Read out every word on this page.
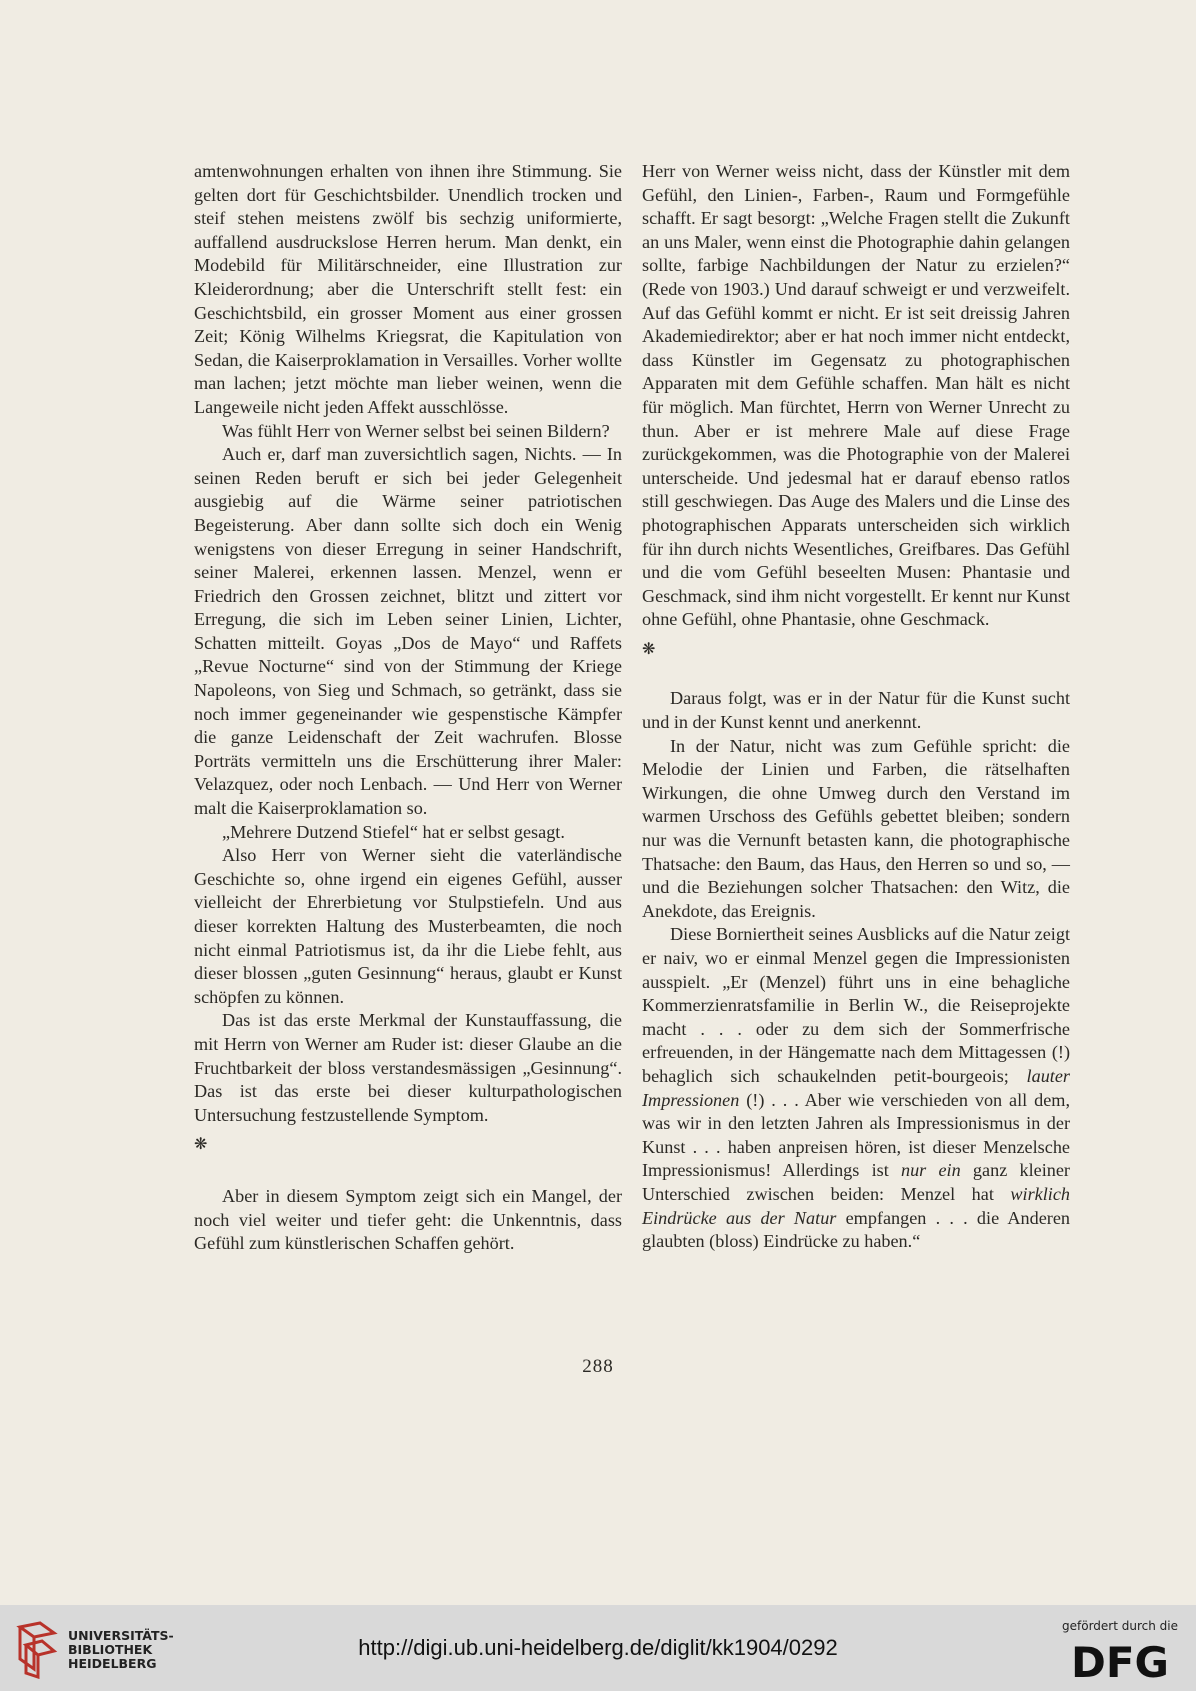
amtenwohnungen erhalten von ihnen ihre Stimmung. Sie gelten dort für Geschichtsbilder. Unendlich trocken und steif stehen meistens zwölf bis sechzig uniformierte, auffallend ausdruckslose Herren herum. Man denkt, ein Modebild für Militärschneider, eine Illustration zur Kleiderordnung; aber die Unterschrift stellt fest: ein Geschichtsbild, ein grosser Moment aus einer grossen Zeit; König Wilhelms Kriegsrat, die Kapitulation von Sedan, die Kaiserproklamation in Versailles. Vorher wollte man lachen; jetzt möchte man lieber weinen, wenn die Langeweile nicht jeden Affekt ausschlösse.

Was fühlt Herr von Werner selbst bei seinen Bildern?

Auch er, darf man zuversichtlich sagen, Nichts. — In seinen Reden beruft er sich bei jeder Gelegenheit ausgiebig auf die Wärme seiner patriotischen Begeisterung. Aber dann sollte sich doch ein Wenig wenigstens von dieser Erregung in seiner Handschrift, seiner Malerei, erkennen lassen. Menzel, wenn er Friedrich den Grossen zeichnet, blitzt und zittert vor Erregung, die sich im Leben seiner Linien, Lichter, Schatten mitteilt. Goyas „Dos de Mayo“ und Raffets „Revue Nocturne“ sind von der Stimmung der Kriege Napoleons, von Sieg und Schmach, so getränkt, dass sie noch immer gegeneinander wie gespenstische Kämpfer die ganze Leidenschaft der Zeit wachrufen. Blosse Porträts vermitteln uns die Erschütterung ihrer Maler: Velazquez, oder noch Lenbach. — Und Herr von Werner malt die Kaiserproklamation so.

„Mehrere Dutzend Stiefel“ hat er selbst gesagt.

Also Herr von Werner sieht die vaterländische Geschichte so, ohne irgend ein eigenes Gefühl, ausser vielleicht der Ehrerbietung vor Stulpstiefeln. Und aus dieser korrekten Haltung des Musterbeamten, die noch nicht einmal Patriotismus ist, da ihr die Liebe fehlt, aus dieser blossen „guten Gesinnung“ heraus, glaubt er Kunst schöpfen zu können.

Das ist das erste Merkmal der Kunstauffassung, die mit Herrn von Werner am Ruder ist: dieser Glaube an die Fruchtbarkeit der bloss verstandesmässigen „Gesinnung“. Das ist das erste bei dieser kulturpathologischen Untersuchung festzustellende Symptom.

❋

Aber in diesem Symptom zeigt sich ein Mangel, der noch viel weiter und tiefer geht: die Unkenntnis, dass Gefühl zum künstlerischen Schaffen gehört.

Herr von Werner weiss nicht, dass der Künstler mit dem Gefühl, den Linien-, Farben-, Raum und Formgefühle schafft. Er sagt besorgt: „Welche Fragen stellt die Zukunft an uns Maler, wenn einst die Photographie dahin gelangen sollte, farbige Nachbildungen der Natur zu erzielen?“ (Rede von 1903.) Und darauf schweigt er und verzweifelt. Auf das Gefühl kommt er nicht. Er ist seit dreissig Jahren Akademiedirektor; aber er hat noch immer nicht entdeckt, dass Künstler im Gegensatz zu photographischen Apparaten mit dem Gefühle schaffen. Man hält es nicht für möglich. Man fürchtet, Herrn von Werner Unrecht zu thun. Aber er ist mehrere Male auf diese Frage zurückgekommen, was die Photographie von der Malerei unterscheide. Und jedesmal hat er darauf ebenso ratlos still geschwiegen. Das Auge des Malers und die Linse des photographischen Apparats unterscheiden sich wirklich für ihn durch nichts Wesentliches, Greifbares. Das Gefühl und die vom Gefühl beseelten Musen: Phantasie und Geschmack, sind ihm nicht vorgestellt. Er kennt nur Kunst ohne Gefühl, ohne Phantasie, ohne Geschmack.

❋

Daraus folgt, was er in der Natur für die Kunst sucht und in der Kunst kennt und anerkennt.

In der Natur, nicht was zum Gefühle spricht: die Melodie der Linien und Farben, die rätselhaften Wirkungen, die ohne Umweg durch den Verstand im warmen Urschoss des Gefühls gebettet bleiben; sondern nur was die Vernunft betasten kann, die photographische Thatsache: den Baum, das Haus, den Herren so und so, — und die Beziehungen solcher Thatsachen: den Witz, die Anekdote, das Ereignis.

Diese Borniertheit seines Ausblicks auf die Natur zeigt er naiv, wo er einmal Menzel gegen die Impressionisten ausspielt. „Er (Menzel) führt uns in eine behagliche Kommerzienratsfamilie in Berlin W., die Reiseprojekte macht . . . oder zu dem sich der Sommerfrische erfreuenden, in der Hängematte nach dem Mittagessen (!) behaglich sich schaukelnden petit-bourgeois; lauter Impressionen (!) . . . Aber wie verschieden von all dem, was wir in den letzten Jahren als Impressionismus in der Kunst . . . haben anpreisen hören, ist dieser Menzelsche Impressionismus! Allerdings ist nur ein ganz kleiner Unterschied zwischen beiden: Menzel hat wirklich Eindrücke aus der Natur empfangen . . . die Anderen glaubten (bloss) Eindrücke zu haben.“

288
UNIVERSITÄTS-
BIBLIOTHEK
HEIDELBERG
http://digi.ub.uni-heidelberg.de/diglit/kk1904/0292
gefördert durch die
DFG
